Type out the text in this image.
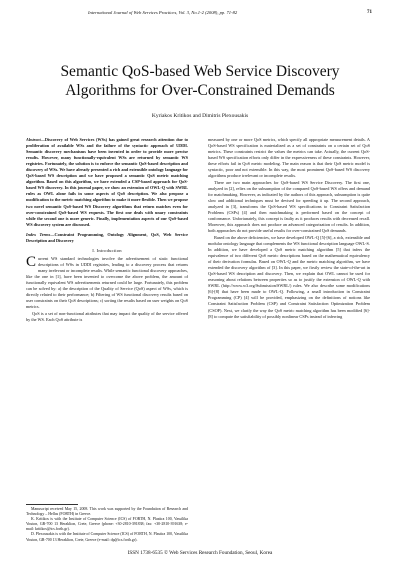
International Journal of Web Services Practices, Vol. 3, No.1-2 (2008), pp. 71-82	71
Semantic QoS-based Web Service Discovery
Algorithms for Over-Constrained Demands
Kyriakos Kritikos and Dimitris Plexousakis

Abstract—Discovery of Web Services (WSs) has gained great research attention due to proliferation of available WSs and the failure of the syntactic approach of UDDI. Semantic discovery mechanisms have been invented in order to provide more precise results. However, many functionally-equivalent WSs are returned by semantic WS registries. Fortunately, the solution is to enforce the semantic QoS-based description and discovery of WSs. We have already presented a rich and extensible ontology language for QoS-based WS description and we have proposed a semantic QoS metric matching algorithm. Based on this algorithm, we have extended a CSP-based approach for QoS-based WS discovery. In this journal paper, we show an extension of OWL-Q with SWRL rules as OWL alone fails in some aspects of QoS description. We also propose a modification to the metric matching algorithm to make it more flexible. Then we propose two novel semantic QoS-based WS Discovery algorithms that return matches even for over-constrained QoS-based WS requests. The first one deals with unary constraints while the second one is more generic. Finally, implementation aspects of our QoS-based WS discovery system are discussed.

Index Terms—Constraint Programming, Ontology Alignment, QoS, Web Service Description and Discovery

I. Introduction

Current WS standard technologies involve the advertisement of static functional descriptions of WSs in UDDI registries, leading to a discovery process that returns many irrelevant or incomplete results. While semantic functional discovery approaches, like the one in [1], have been invented to overcome the above problem, the amount of functionally equivalent WS advertisements returned could be large. Fortunately, this problem can be solved by: a) the description of the Quality of Service (QoS) aspect of WSs, which is directly related to their performance; b) Filtering of WS functional discovery results based on user constraints on their QoS descriptions; c) sorting the results based on user weights on QoS metrics.

QoS is a set of non-functional attributes that may impact the quality of the service offered by the WS. Each QoS attribute is

Manuscript received May 15, 2008. This work was supported by the Foundation of Research and Technology – Hellas (FORTH) in Greece.

K. Kritikos is with the Institute of Computer Science (ICS) of FORTH, N. Plastira 100, Vassilika Vouton, GR-700 13 Heraklion, Crete, Greece (phone: +30-2810-391838; fax: +30-2810-391638; e-mail: kritikos@ics.forth.gr).

D. Plexousakis is with the Institute of Computer Science (ICS) of FORTH, N. Plastira 100, Vassilika Vouton, GR-700 13 Heraklion, Crete, Greece (e-mail: dp@ics.forth.gr).

measured by one or more QoS metrics, which specify all appropriate measurement details. A QoS-based WS specification is materialized as a set of constraints on a certain set of QoS metrics. These constraints restrict the values the metrics can take. Actually, the current QoS-based WS specification efforts only differ in the expressiveness of these constraints. However, these efforts fail in QoS metric modeling. The main reason is that their QoS metric model is syntactic, poor and not extensible. In this way, the most prominent QoS-based WS discovery algorithms produce irrelevant or incomplete results.

There are two main approaches for QoS-based WS Service Discovery. The first one, analyzed in [2], relies on the subsumption of the compared QoS-based WS offers and demand for matchmaking. However, as indicated by the authors of this approach, subsumption is quite slow and additional techniques must be devised for speeding it up. The second approach, analyzed in [3], transforms the QoS-based WS specifications to Constraint Satisfaction Problems (CSPs) [4] and then matchmaking is performed based on the concept of conformance. Unfortunately, this concept is faulty as it produces results with decreased recall. Moreover, this approach does not produce an advanced categorization of results. In addition, both approaches do not provide useful results for over-constrained QoS demands.

Based on the above deficiencies, we have developed OWL-Q [5]-[6], a rich, extensible and modular ontology language that complements the WS functional description language OWL-S. In addition, we have developed a QoS metric matching algorithm [5] that infers the equivalence of two different QoS metric descriptions based on the mathematical equivalency of their derivation formulas. Based on OWL-Q and the metric matching algorithm, we have extended the discovery algorithm of [3]. In this paper, we firstly review the state-of-the-art in QoS-based WS description and discovery. Then, we explain that OWL cannot be used for reasoning about relations between properties so as to justify the extension of OWL-Q with SWRL (http://www.w3.org/Submission/SWRL/) rules. We also describe some modifications [6]-[8] that have been made to OWL-Q. Following, a small introduction in Constraint Programming (CP) [4] will be provided, emphasizing on the definitions of notions like Constraint Satisfaction Problem (CSP) and Constraint Satisfaction Optimization Problem (CSOP). Next, we clarify the way the QoS metric matching algorithm has been modified [6]-[8] to compute the satisfiability of possibly nonlinear CSPs instead of inferring

ISSN 1738-6535 © Web Services Research Foundation, Seoul, Korea
